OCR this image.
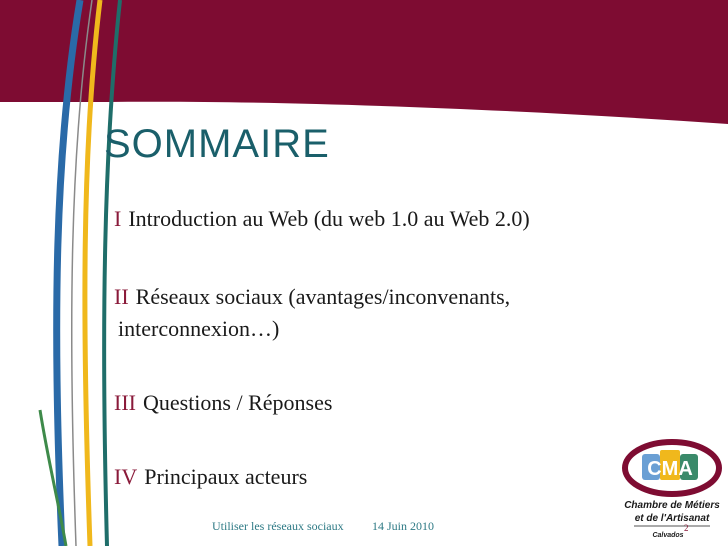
SOMMAIRE
I Introduction au Web (du web 1.0 au Web 2.0)
II Réseaux sociaux (avantages/inconvenants,
interconnexion…)
III Questions / Réponses
IV Principaux acteurs
Utiliser les réseaux sociaux 14 Juin 2010
CMA
Chambre de Métiers
et de l'Artisanat
Calvados
2
